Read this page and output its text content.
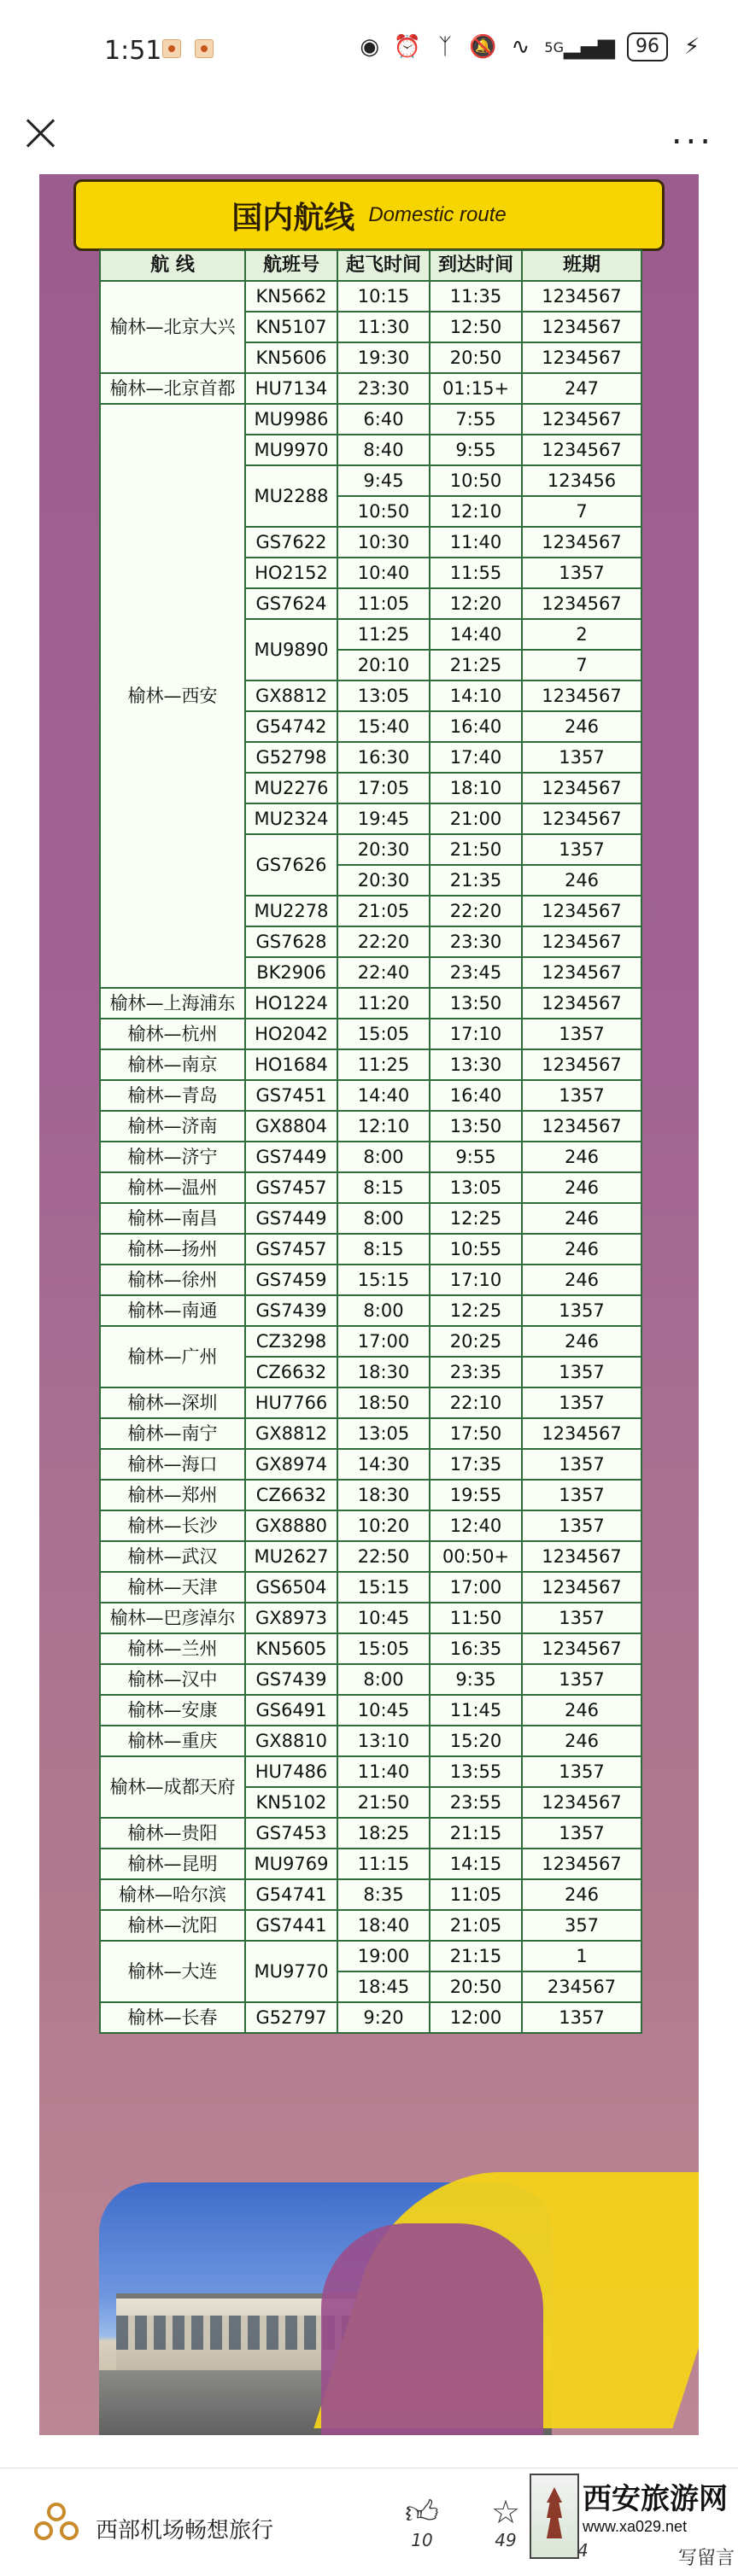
1:51	◉ ⏰ ᛉ 🔕 ∿ 5G ▂▄▆ 96 ⚡
...
国内航线 Domestic route
航 线	航班号	起飞时间	到达时间	班期
榆林—北京大兴	KN5662	10:15	11:35	1234567
	KN5107	11:30	12:50	1234567
	KN5606	19:30	20:50	1234567
榆林—北京首都	HU7134	23:30	01:15+	247
榆林—西安	MU9986	6:40	7:55	1234567
	MU9970	8:40	9:55	1234567
	MU2288	9:45	10:50	123456
		10:50	12:10	7
	GS7622	10:30	11:40	1234567
	HO2152	10:40	11:55	1357
	GS7624	11:05	12:20	1234567
	MU9890	11:25	14:40	2
		20:10	21:25	7
	GX8812	13:05	14:10	1234567
	G54742	15:40	16:40	246
	G52798	16:30	17:40	1357
	MU2276	17:05	18:10	1234567
	MU2324	19:45	21:00	1234567
	GS7626	20:30	21:50	1357
		20:30	21:35	246
	MU2278	21:05	22:20	1234567
	GS7628	22:20	23:30	1234567
	BK2906	22:40	23:45	1234567
榆林—上海浦东	HO1224	11:20	13:50	1234567
榆林—杭州	HO2042	15:05	17:10	1357
榆林—南京	HO1684	11:25	13:30	1234567
榆林—青岛	GS7451	14:40	16:40	1357
榆林—济南	GX8804	12:10	13:50	1234567
榆林—济宁	GS7449	8:00	9:55	246
榆林—温州	GS7457	8:15	13:05	246
榆林—南昌	GS7449	8:00	12:25	246
榆林—扬州	GS7457	8:15	10:55	246
榆林—徐州	GS7459	15:15	17:10	246
榆林—南通	GS7439	8:00	12:25	1357
榆林—广州	CZ3298	17:00	20:25	246
	CZ6632	18:30	23:35	1357
榆林—深圳	HU7766	18:50	22:10	1357
榆林—南宁	GX8812	13:05	17:50	1234567
榆林—海口	GX8974	14:30	17:35	1357
榆林—郑州	CZ6632	18:30	19:55	1357
榆林—长沙	GX8880	10:20	12:40	1357
榆林—武汉	MU2627	22:50	00:50+	1234567
榆林—天津	GS6504	15:15	17:00	1234567
榆林—巴彦淖尔	GX8973	10:45	11:50	1357
榆林—兰州	KN5605	15:05	16:35	1234567
榆林—汉中	GS7439	8:00	9:35	1357
榆林—安康	GS6491	10:45	11:45	246
榆林—重庆	GX8810	13:10	15:20	246
榆林—成都天府	HU7486	11:40	13:55	1357
	KN5102	21:50	23:55	1234567
榆林—贵阳	GS7453	18:25	21:15	1357
榆林—昆明	MU9769	11:15	14:15	1234567
榆林—哈尔滨	G54741	8:35	11:05	246
榆林—沈阳	GS7441	18:40	21:05	357
榆林—大连	MU9770	19:00	21:15	1
		18:45	20:50	234567
榆林—长春	G52797	9:20	12:00	1357
西部机场畅想旅行	👍︎
10
☆
49
西安旅游网
www.xa029.net
4	写留言
